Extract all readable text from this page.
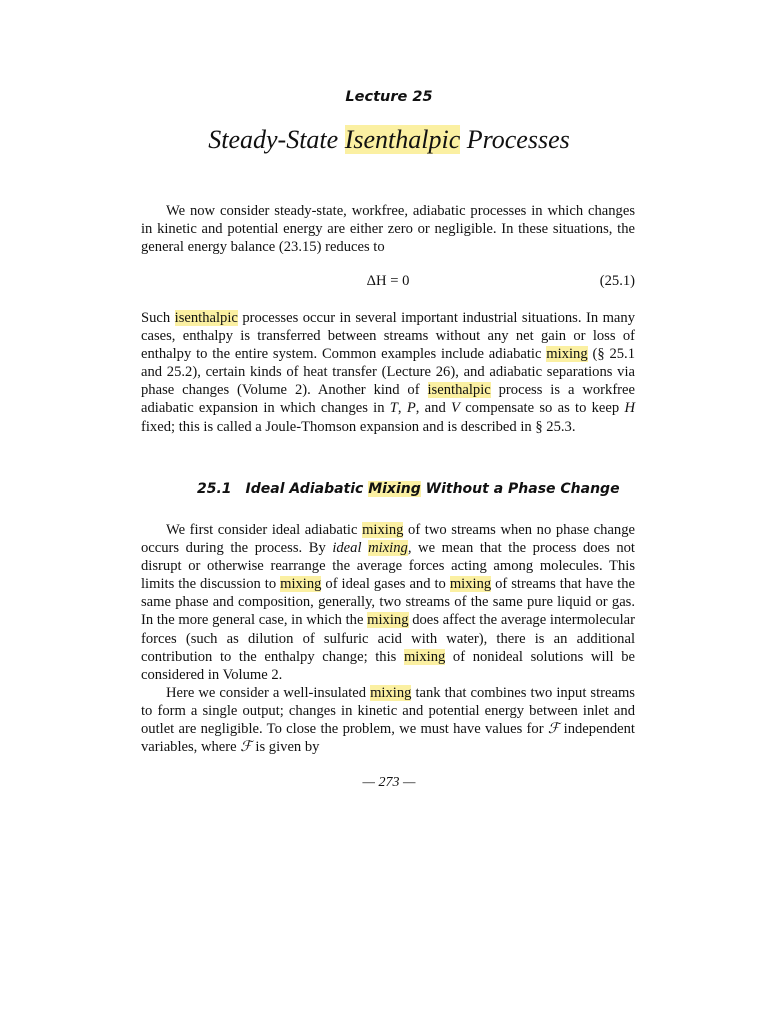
Lecture 25
Steady-State Isenthalpic Processes

We now consider steady-state, workfree, adiabatic processes in which changes in kinetic and potential energy are either zero or negligible. In these situations, the general energy balance (23.15) reduces to

ΔH = 0	(25.1)

Such isenthalpic processes occur in several important industrial situations. In many cases, enthalpy is transferred between streams without any net gain or loss of enthalpy to the entire system. Common examples include adiabatic mixing (§ 25.1 and 25.2), certain kinds of heat transfer (Lecture 26), and adiabatic separations via phase changes (Volume 2). Another kind of isenthalpic process is a workfree adiabatic expansion in which changes in T, P, and V compensate so as to keep H fixed; this is called a Joule-Thomson expansion and is described in § 25.3.

25.1 Ideal Adiabatic Mixing Without a Phase Change

We first consider ideal adiabatic mixing of two streams when no phase change occurs during the process. By ideal mixing, we mean that the process does not disrupt or otherwise rearrange the average forces acting among molecules. This limits the discussion to mixing of ideal gases and to mixing of streams that have the same phase and composition, generally, two streams of the same pure liquid or gas. In the more general case, in which the mixing does affect the average intermolecular forces (such as dilution of sulfuric acid with water), there is an additional contribution to the enthalpy change; this mixing of nonideal solutions will be considered in Volume 2.

Here we consider a well-insulated mixing tank that combines two input streams to form a single output; changes in kinetic and potential energy between inlet and outlet are negligible. To close the problem, we must have values for ℱ independent variables, where ℱ is given by

— 273 —
